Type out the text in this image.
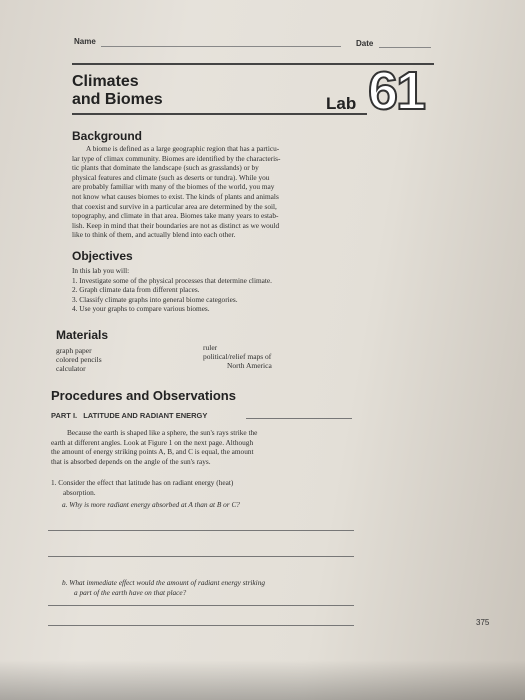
Name	Date
Climates
and Biomes	Lab 61
Background
A biome is defined as a large geographic region that has a particu-
lar type of climax community. Biomes are identified by the characteris-
tic plants that dominate the landscape (such as grasslands) or by
physical features and climate (such as deserts or tundra). While you
are probably familiar with many of the biomes of the world, you may
not know what causes biomes to exist. The kinds of plants and animals
that coexist and survive in a particular area are determined by the soil,
topography, and climate in that area. Biomes take many years to estab-
lish. Keep in mind that their boundaries are not as distinct as we would
like to think of them, and actually blend into each other.
Objectives
In this lab you will:
1. Investigate some of the physical processes that determine climate.
2. Graph climate data from different places.
3. Classify climate graphs into general biome categories.
4. Use your graphs to compare various biomes.
Materials
graph paper
colored pencils
calculator
ruler
political/relief maps of
North America
Procedures and Observations
PART I. LATITUDE AND RADIANT ENERGY
Because the earth is shaped like a sphere, the sun's rays strike the
earth at different angles. Look at Figure 1 on the next page. Although
the amount of energy striking points A, B, and C is equal, the amount
that is absorbed depends on the angle of the sun's rays.
1. Consider the effect that latitude has on radiant energy (heat)
absorption.
a. Why is more radiant energy absorbed at A than at B or C?
b. What immediate effect would the amount of radiant energy striking
a part of the earth have on that place?
375
